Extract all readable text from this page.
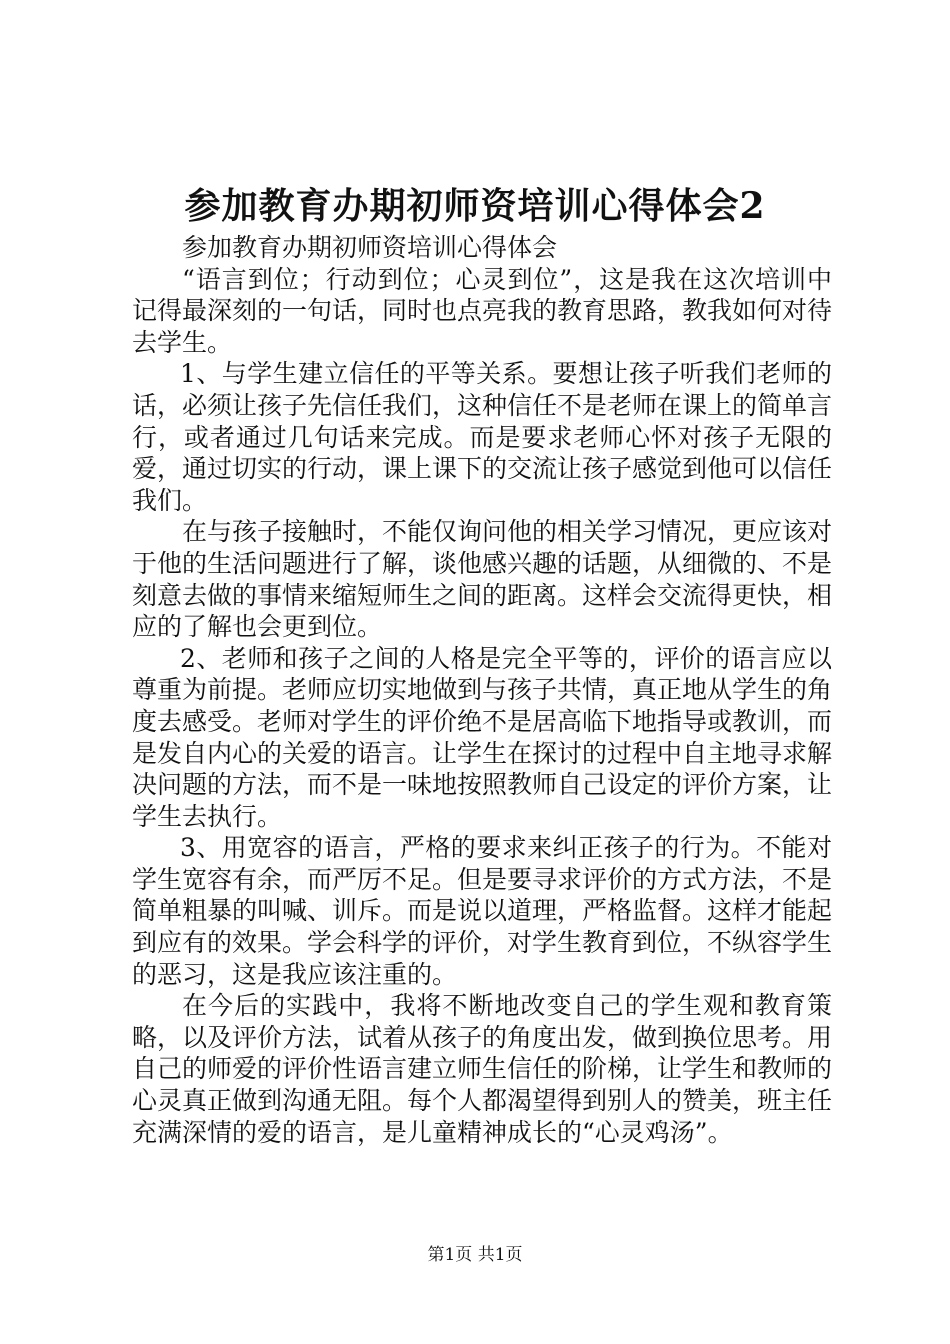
参加教育办期初师资培训心得体会2

参加教育办期初师资培训心得体会

“语言到位；行动到位；心灵到位”，这是我在这次培训中记得最深刻的一句话，同时也点亮我的教育思路，教我如何对待去学生。

1、与学生建立信任的平等关系。要想让孩子听我们老师的话，必须让孩子先信任我们，这种信任不是老师在课上的简单言行，或者通过几句话来完成。而是要求老师心怀对孩子无限的爱，通过切实的行动，课上课下的交流让孩子感觉到他可以信任我们。

在与孩子接触时，不能仅询问他的相关学习情况，更应该对于他的生活问题进行了解，谈他感兴趣的话题，从细微的、不是刻意去做的事情来缩短师生之间的距离。这样会交流得更快，相应的了解也会更到位。

2、老师和孩子之间的人格是完全平等的，评价的语言应以尊重为前提。老师应切实地做到与孩子共情，真正地从学生的角度去感受。老师对学生的评价绝不是居高临下地指导或教训，而是发自内心的关爱的语言。让学生在探讨的过程中自主地寻求解决问题的方法，而不是一味地按照教师自己设定的评价方案，让学生去执行。

3、用宽容的语言，严格的要求来纠正孩子的行为。不能对学生宽容有余，而严厉不足。但是要寻求评价的方式方法，不是简单粗暴的叫喊、训斥。而是说以道理，严格监督。这样才能起到应有的效果。学会科学的评价，对学生教育到位，不纵容学生的恶习，这是我应该注重的。

在今后的实践中，我将不断地改变自己的学生观和教育策略，以及评价方法，试着从孩子的角度出发，做到换位思考。用自己的师爱的评价性语言建立师生信任的阶梯，让学生和教师的心灵真正做到沟通无阻。每个人都渴望得到别人的赞美，班主任充满深情的爱的语言，是儿童精神成长的“心灵鸡汤”。

第1页 共1页
